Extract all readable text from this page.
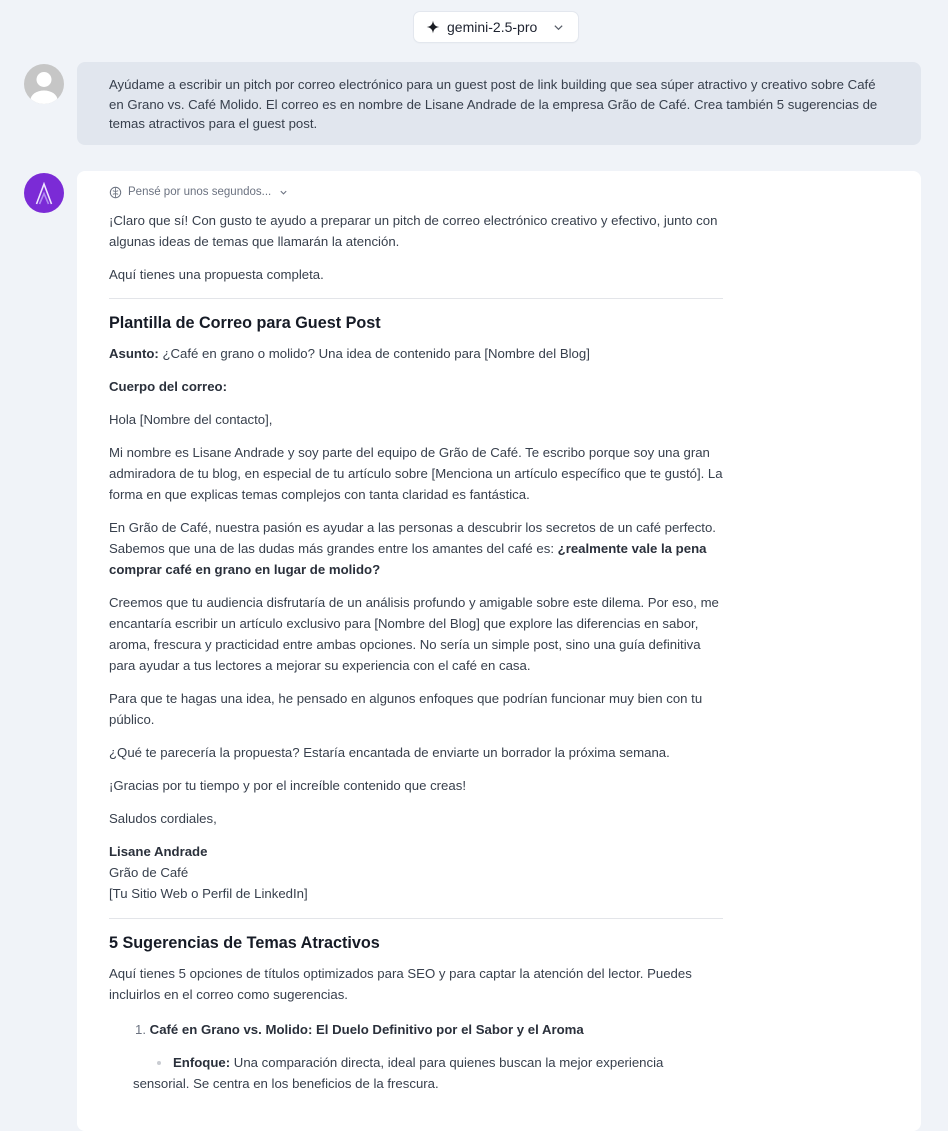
gemini-2.5-pro
Ayúdame a escribir un pitch por correo electrónico para un guest post de link building que sea súper atractivo y creativo sobre Café en Grano vs. Café Molido. El correo es en nombre de Lisane Andrade de la empresa Grão de Café. Crea también 5 sugerencias de temas atractivos para el guest post.
Pensé por unos segundos...

¡Claro que sí! Con gusto te ayudo a preparar un pitch de correo electrónico creativo y efectivo, junto con algunas ideas de temas que llamarán la atención.

Aquí tienes una propuesta completa.

Plantilla de Correo para Guest Post

Asunto: ¿Café en grano o molido? Una idea de contenido para [Nombre del Blog]

Cuerpo del correo:

Hola [Nombre del contacto],

Mi nombre es Lisane Andrade y soy parte del equipo de Grão de Café. Te escribo porque soy una gran admiradora de tu blog, en especial de tu artículo sobre [Menciona un artículo específico que te gustó]. La forma en que explicas temas complejos con tanta claridad es fantástica.

En Grão de Café, nuestra pasión es ayudar a las personas a descubrir los secretos de un café perfecto. Sabemos que una de las dudas más grandes entre los amantes del café es: ¿realmente vale la pena comprar café en grano en lugar de molido?

Creemos que tu audiencia disfrutaría de un análisis profundo y amigable sobre este dilema. Por eso, me encantaría escribir un artículo exclusivo para [Nombre del Blog] que explore las diferencias en sabor, aroma, frescura y practicidad entre ambas opciones. No sería un simple post, sino una guía definitiva para ayudar a tus lectores a mejorar su experiencia con el café en casa.

Para que te hagas una idea, he pensado en algunos enfoques que podrían funcionar muy bien con tu público.

¿Qué te parecería la propuesta? Estaría encantada de enviarte un borrador la próxima semana.

¡Gracias por tu tiempo y por el increíble contenido que creas!

Saludos cordiales,

Lisane Andrade
Grão de Café
[Tu Sitio Web o Perfil de LinkedIn]
5 Sugerencias de Temas Atractivos

Aquí tienes 5 opciones de títulos optimizados para SEO y para captar la atención del lector. Puedes incluirlos en el correo como sugerencias.

1. Café en Grano vs. Molido: El Duelo Definitivo por el Sabor y el Aroma
Enfoque: Una comparación directa, ideal para quienes buscan la mejor experiencia sensorial. Se centra en los beneficios de la frescura.
